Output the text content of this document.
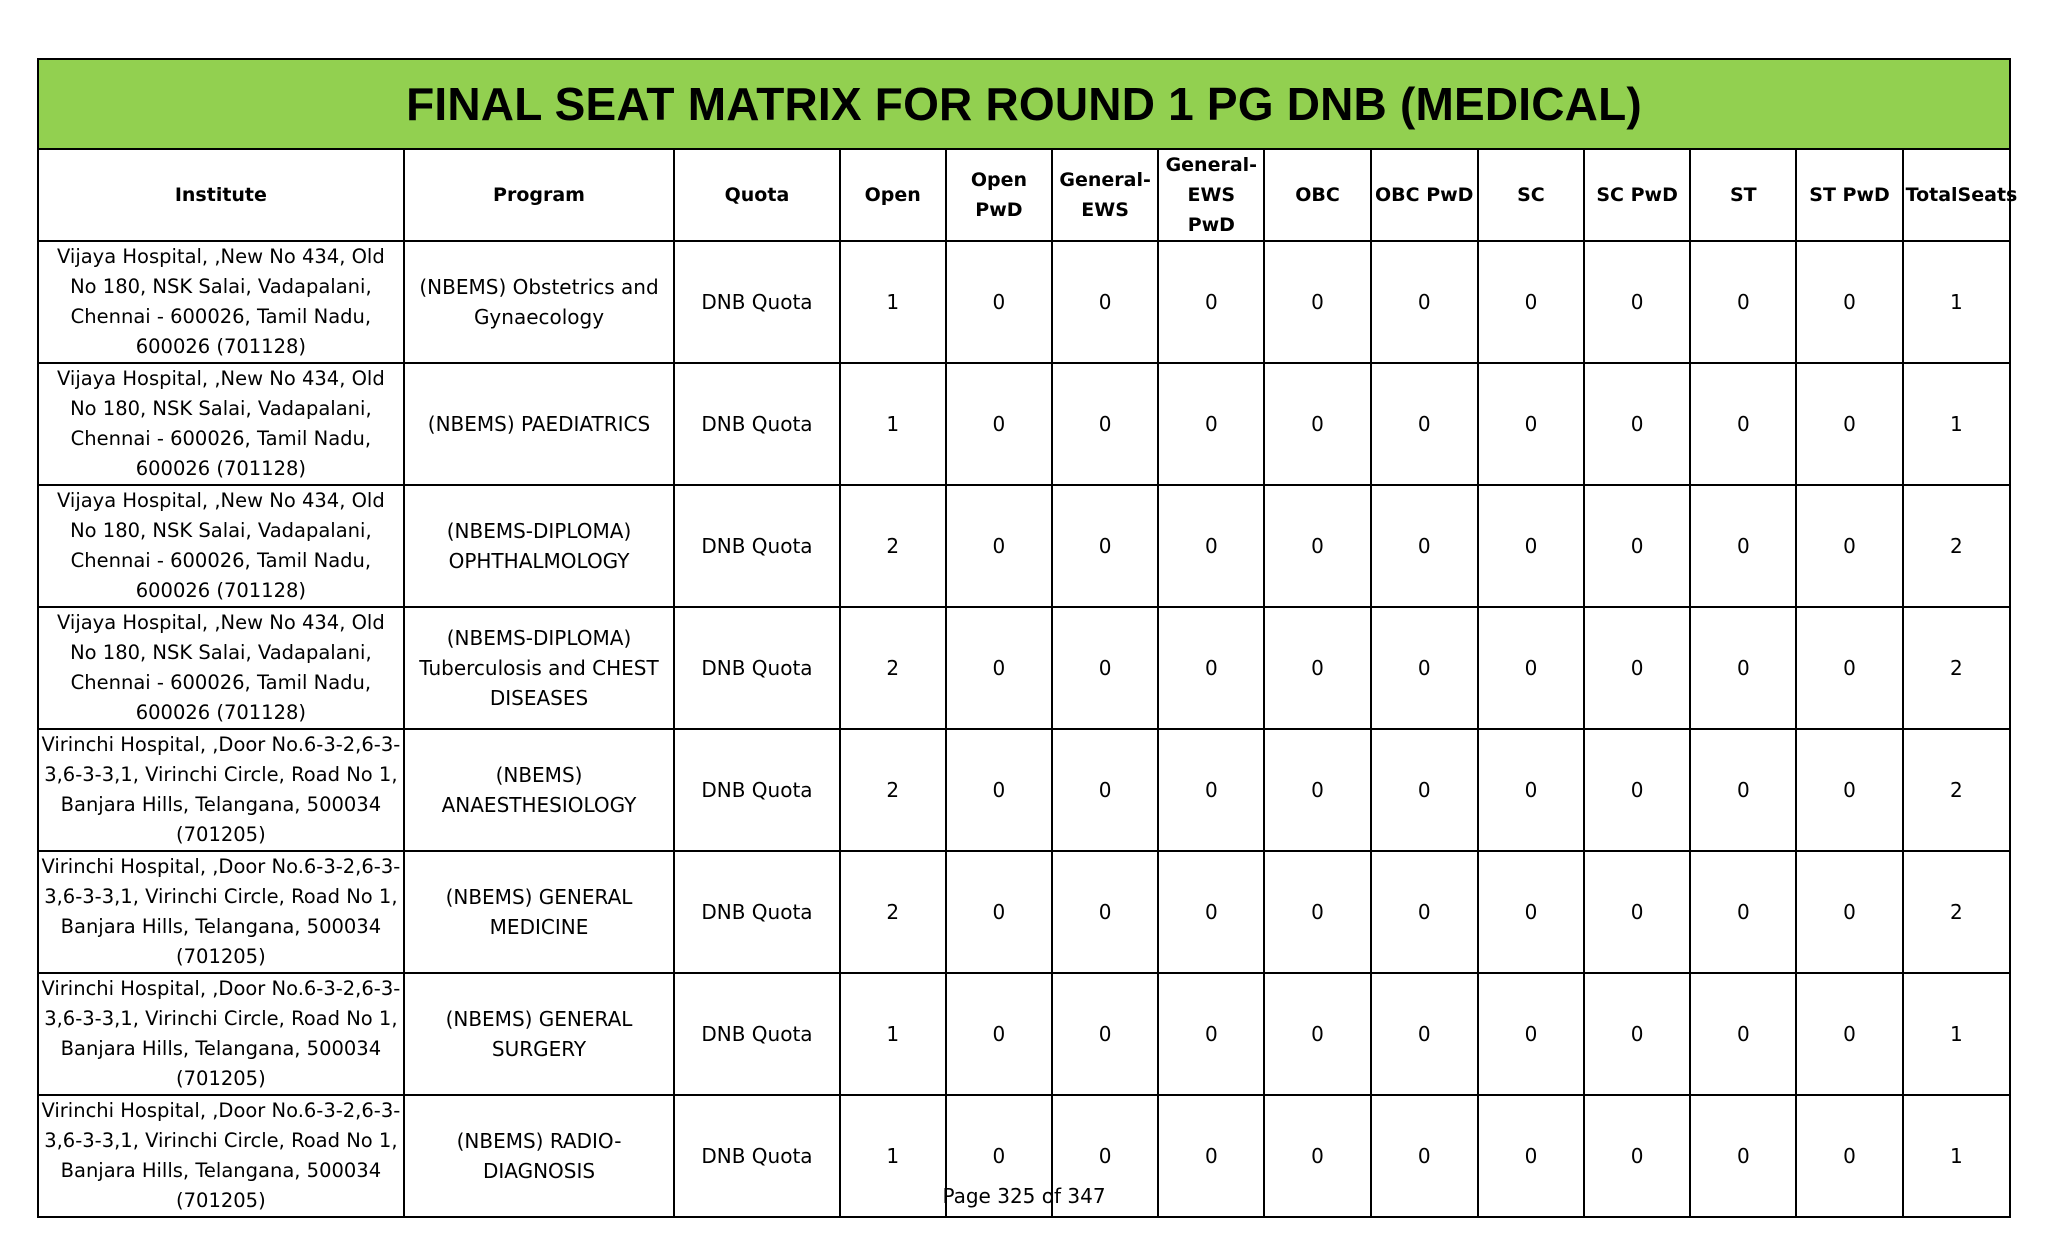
FINAL SEAT MATRIX FOR ROUND 1 PG DNB (MEDICAL)													
Institute	Program	Quota	Open	Open PwD	General-EWS	General-EWS PwD	OBC	OBC PwD	SC	SC PwD	ST	ST PwD	TotalSeats
Vijaya Hospital, ,New No 434, Old No 180, NSK Salai, Vadapalani, Chennai - 600026, Tamil Nadu, 600026 (701128)	(NBEMS) Obstetrics and Gynaecology	DNB Quota	1	0	0	0	0	0	0	0	0	0	1
Vijaya Hospital, ,New No 434, Old No 180, NSK Salai, Vadapalani, Chennai - 600026, Tamil Nadu, 600026 (701128)	(NBEMS) PAEDIATRICS	DNB Quota	1	0	0	0	0	0	0	0	0	0	1
Vijaya Hospital, ,New No 434, Old No 180, NSK Salai, Vadapalani, Chennai - 600026, Tamil Nadu, 600026 (701128)	(NBEMS-DIPLOMA) OPHTHALMOLOGY	DNB Quota	2	0	0	0	0	0	0	0	0	0	2
Vijaya Hospital, ,New No 434, Old No 180, NSK Salai, Vadapalani, Chennai - 600026, Tamil Nadu, 600026 (701128)	(NBEMS-DIPLOMA) Tuberculosis and CHEST DISEASES	DNB Quota	2	0	0	0	0	0	0	0	0	0	2
Virinchi Hospital, ,Door No.6-3-2,6-3-3,6-3-3,1, Virinchi Circle, Road No 1, Banjara Hills, Telangana, 500034 (701205)	(NBEMS) ANAESTHESIOLOGY	DNB Quota	2	0	0	0	0	0	0	0	0	0	2
Virinchi Hospital, ,Door No.6-3-2,6-3-3,6-3-3,1, Virinchi Circle, Road No 1, Banjara Hills, Telangana, 500034 (701205)	(NBEMS) GENERAL MEDICINE	DNB Quota	2	0	0	0	0	0	0	0	0	0	2
Virinchi Hospital, ,Door No.6-3-2,6-3-3,6-3-3,1, Virinchi Circle, Road No 1, Banjara Hills, Telangana, 500034 (701205)	(NBEMS) GENERAL SURGERY	DNB Quota	1	0	0	0	0	0	0	0	0	0	1
Virinchi Hospital, ,Door No.6-3-2,6-3-3,6-3-3,1, Virinchi Circle, Road No 1, Banjara Hills, Telangana, 500034 (701205)	(NBEMS) RADIO-DIAGNOSIS	DNB Quota	1	0	0	0	0	0	0	0	0	0	1
Page 325 of 347
